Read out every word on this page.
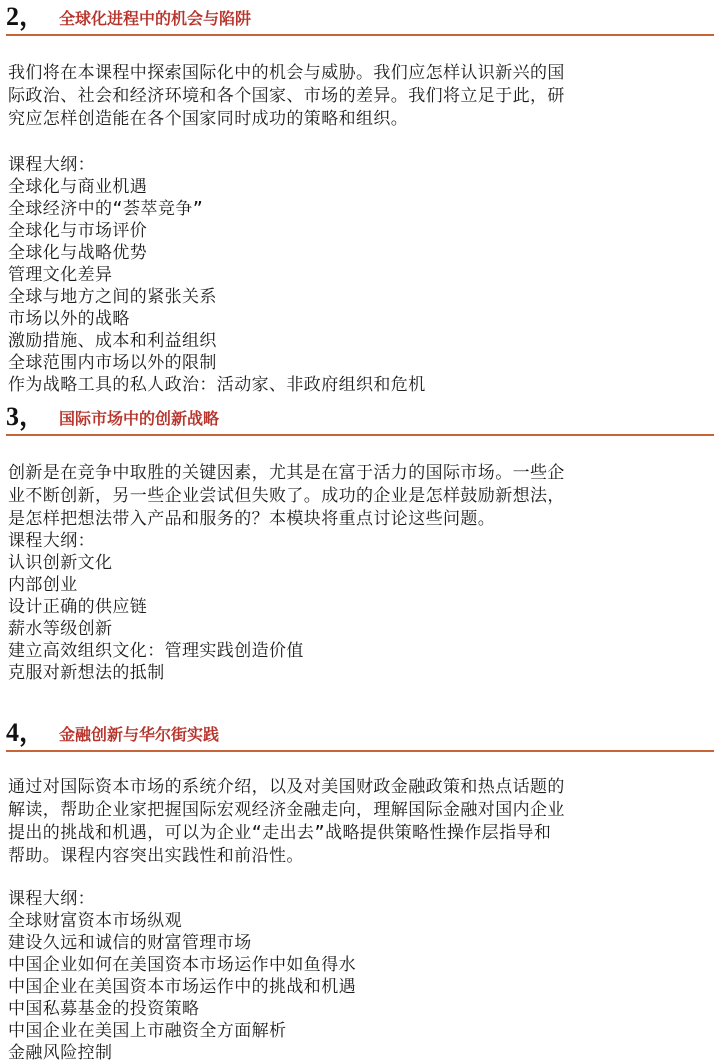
2， 全球化进程中的机会与陷阱
我们将在本课程中探索国际化中的机会与威胁。我们应怎样认识新兴的国
际政治、社会和经济环境和各个国家、市场的差异。我们将立足于此，研
究应怎样创造能在各个国家同时成功的策略和组织。
课程大纲：
全球化与商业机遇
全球经济中的“荟萃竞争”
全球化与市场评价
全球化与战略优势
管理文化差异
全球与地方之间的紧张关系
市场以外的战略
激励措施、成本和利益组织
全球范围内市场以外的限制
作为战略工具的私人政治：活动家、非政府组织和危机
3， 国际市场中的创新战略
创新是在竞争中取胜的关键因素，尤其是在富于活力的国际市场。一些企
业不断创新，另一些企业尝试但失败了。成功的企业是怎样鼓励新想法，
是怎样把想法带入产品和服务的？本模块将重点讨论这些问题。
课程大纲：
认识创新文化
内部创业
设计正确的供应链
薪水等级创新
建立高效组织文化：管理实践创造价值
克服对新想法的抵制
4， 金融创新与华尔街实践
通过对国际资本市场的系统介绍，以及对美国财政金融政策和热点话题的
解读，帮助企业家把握国际宏观经济金融走向，理解国际金融对国内企业
提出的挑战和机遇，可以为企业“走出去”战略提供策略性操作层指导和
帮助。课程内容突出实践性和前沿性。
课程大纲：
全球财富资本市场纵观
建设久远和诚信的财富管理市场
中国企业如何在美国资本市场运作中如鱼得水
中国企业在美国资本市场运作中的挑战和机遇
中国私募基金的投资策略
中国企业在美国上市融资全方面解析
金融风险控制
